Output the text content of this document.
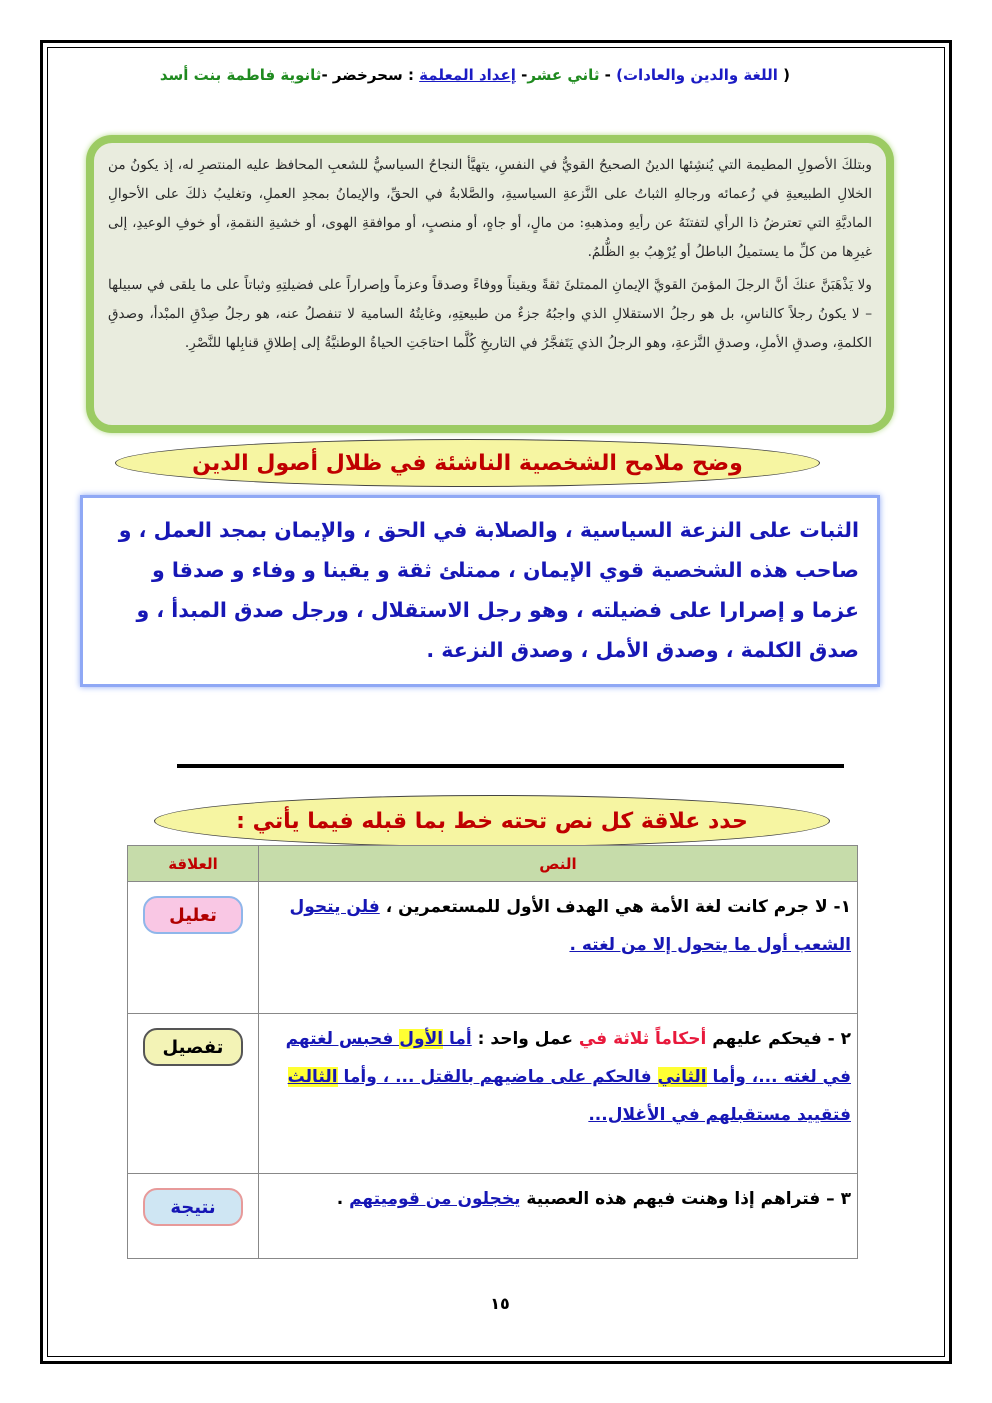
( اللغة والدين والعادات) - ثاني عشر- إعداد المعلمة : سحرخضر -ثانوية فاطمة بنت أسد

وبتلكَ الأصولِ المطيمة التي يُنشِئها الدينُ الصحيحُ القويُّ في النفسِ، يتهيَّأ النجاحُ السياسيُّ للشعبِ المحافظ عليه المنتصرِ له، إذ يكونُ من الخلالِ الطبيعيةِ في زُعمائه ورجالهِ الثباتُ على النَّزعةِ السياسيةِ، والصَّلابةُ في الحقِّ، والإيمانُ بمجدِ العملِ، وتغليبُ ذلكَ على الأحوالِ الماديَّةِ التي تعترضُ ذا الرأي لتفتنَهُ عن رأيهِ ومذهبهِ: من مالٍ، أو جاهٍ، أو منصبٍ، أو موافقةِ الهوى، أو خشيةِ النقمةِ، أو خوفِ الوعيدِ، إلى غيرِها من كلِّ ما يستميلُ الباطلُ أو يُرْهِبُ بهِ الظُّلمُ.

ولا يَذْهَبَنَّ عنكَ أنَّ الرجلَ المؤمنَ القويَّ الإيمانِ الممتلئَ ثقةً ويقيناً ووفاءً وصدقاً وعزماً وإصراراً على فضيلتِهِ وثباتاً على ما يلقى في سبيلها – لا يكونُ رجلاً كالناسِ، بل هو رجلُ الاستقلالِ الذي واجبُهُ جزءٌ من طبيعتِهِ، وغايتُهُ السامية لا تنفصلُ عنه، هو رجلُ صِدْقِ المبْدأ، وصدقِ الكلمةِ، وصدقِ الأملِ، وصدقِ النَّزعةِ، وهو الرجلُ الذي يَتَفجَّرُ في التاريخِ كُلَّما احتاجَتِ الحياةُ الوطنيَّةُ إلى إطلاقِ قنابِلها للنَّصْرِ.

وضح ملامح الشخصية الناشئة في ظلال أصول الدين
الثبات على النزعة السياسية ، والصلابة في الحق ، والإيمان بمجد العمل ، و صاحب هذه الشخصية قوي الإيمان ، ممتلئ ثقة و يقينا و وفاء و صدقا و عزما و إصرارا على فضيلته ، وهو رجل الاستقلال ، ورجل صدق المبدأ ، و صدق الكلمة ، وصدق الأمل ، وصدق النزعة .
حدد علاقة كل نص تحته خط بما قبله فيما يأتي :
النص	العلاقة
١- لا جرم كانت لغة الأمة هي الهدف الأول للمستعمرين ، فلن يتحول الشعب أول ما يتحول إلا من لغته .	تعليل

٢ - فيحكم عليهم أحكاماً ثلاثة في عمل واحد : أما الأول فحبس لغتهم في لغته ...، وأما الثاني فالحكم على ماضيهم بالقتل ... ، وأما الثالث فتقييد مستقبلهم في الأغلال...	تفصيل

٣ – فتراهم إذا وهنت فيهم هذه العصبية يخجلون من قوميتهم .	نتيجة
١٥
